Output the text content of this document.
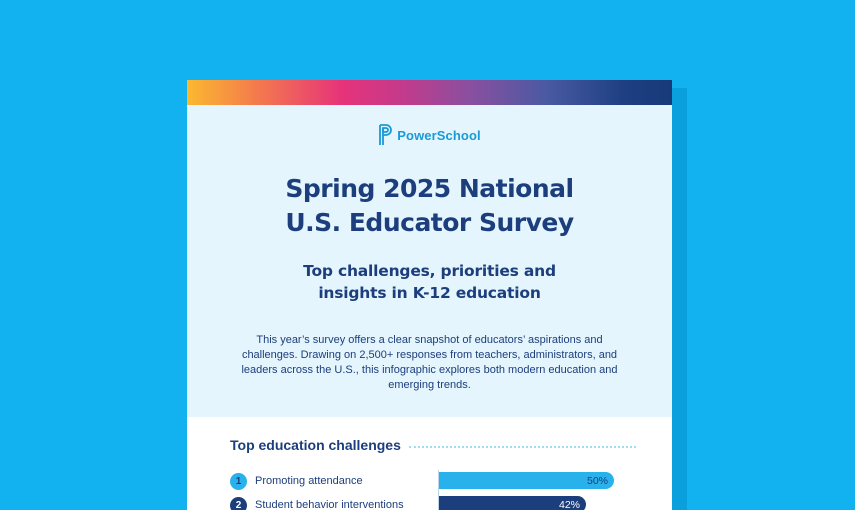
PowerSchool
Spring 2025 National
U.S. Educator Survey
Top challenges, priorities and
insights in K-12 education

This year’s survey offers a clear snapshot of educators’ aspirations and challenges. Drawing on 2,500+ responses from teachers, administrators, and leaders across the U.S., this infographic explores both modern education and emerging trends.

Top education challenges
1	Promoting attendance
2	Student behavior interventions
50%
42%
